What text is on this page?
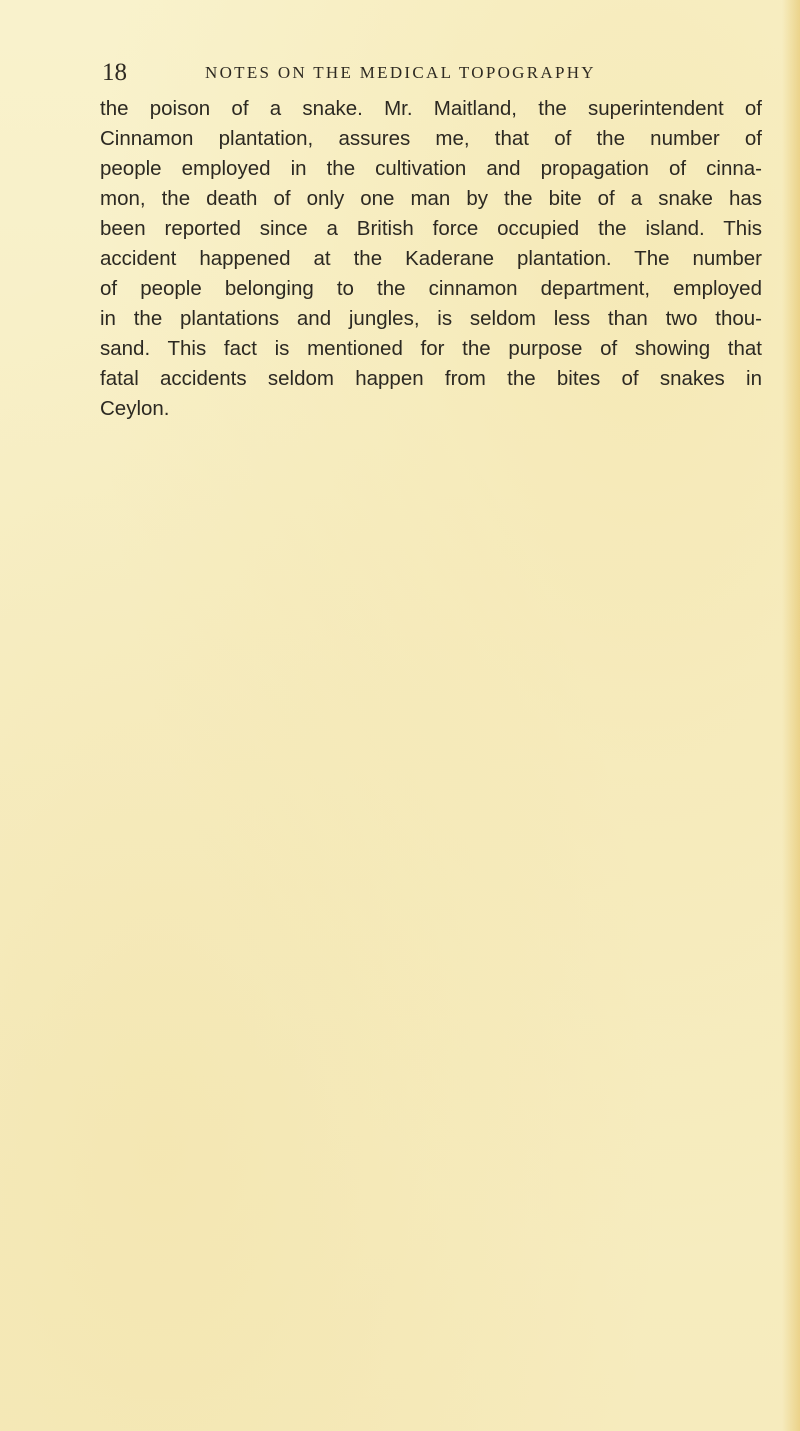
18	NOTES ON THE MEDICAL TOPOGRAPHY
the poison of a snake. Mr. Maitland, the superintendent of
Cinnamon plantation, assures me, that of the number of
people employed in the cultivation and propagation of cinna-
mon, the death of only one man by the bite of a snake has
been reported since a British force occupied the island. This
accident happened at the Kaderane plantation. The number
of people belonging to the cinnamon department, employed
in the plantations and jungles, is seldom less than two thou-
sand. This fact is mentioned for the purpose of showing that
fatal accidents seldom happen from the bites of snakes in
Ceylon.
